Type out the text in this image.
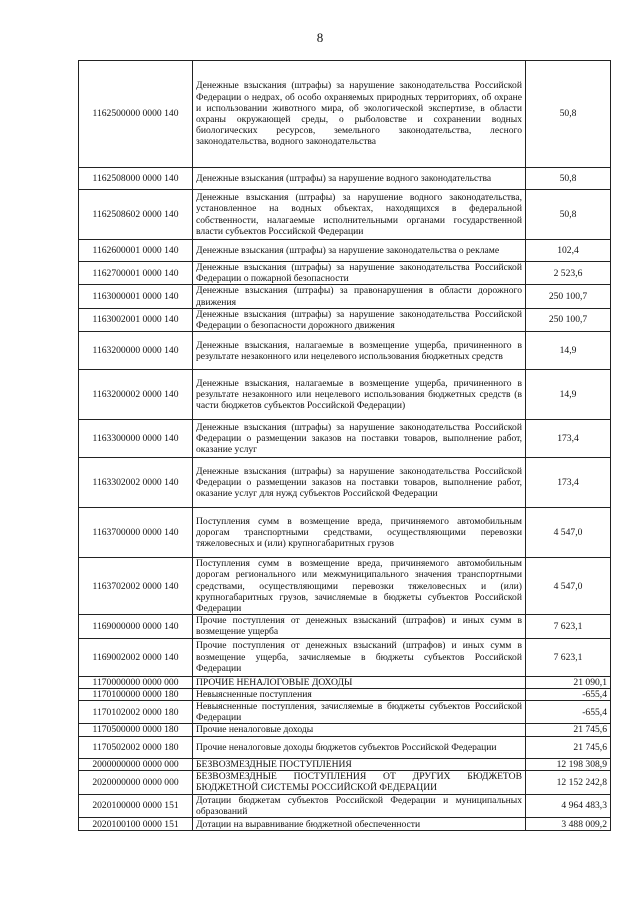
8
1162500000 0000 140	Денежные взыскания (штрафы) за нарушение законодательства Российской Федерации о недрах, об особо охраняемых природных территориях, об охране и использовании животного мира, об экологической экспертизе, в области охраны окружающей среды, о рыболовстве и сохранении водных биологических ресурсов, земельного законодательства, лесного законодательства, водного законодательства	50,8
1162508000 0000 140	Денежные взыскания (штрафы) за нарушение водного законодательства	50,8
1162508602 0000 140	Денежные взыскания (штрафы) за нарушение водного законодательства, установленное на водных объектах, находящихся в федеральной собственности, налагаемые исполнительными органами государственной власти субъектов Российской Федерации	50,8
1162600001 0000 140	Денежные взыскания (штрафы) за нарушение законодательства о рекламе	102,4
1162700001 0000 140	Денежные взыскания (штрафы) за нарушение законодательства Российской Федерации о пожарной безопасности	2 523,6
1163000001 0000 140	Денежные взыскания (штрафы) за правонарушения в области дорожного движения	250 100,7
1163002001 0000 140	Денежные взыскания (штрафы) за нарушение законодательства Российской Федерации о безопасности дорожного движения	250 100,7
1163200000 0000 140	Денежные взыскания, налагаемые в возмещение ущерба, причиненного в результате незаконного или нецелевого использования бюджетных средств	14,9
1163200002 0000 140	Денежные взыскания, налагаемые в возмещение ущерба, причиненного в результате незаконного или нецелевого использования бюджетных средств (в части бюджетов субъектов Российской Федерации)	14,9
1163300000 0000 140	Денежные взыскания (штрафы) за нарушение законодательства Российской Федерации о размещении заказов на поставки товаров, выполнение работ, оказание услуг	173,4
1163302002 0000 140	Денежные взыскания (штрафы) за нарушение законодательства Российской Федерации о размещении заказов на поставки товаров, выполнение работ, оказание услуг для нужд субъектов Российской Федерации	173,4
1163700000 0000 140	Поступления сумм в возмещение вреда, причиняемого автомобильным дорогам транспортными средствами, осуществляющими перевозки тяжеловесных и (или) крупногабаритных грузов	4 547,0
1163702002 0000 140	Поступления сумм в возмещение вреда, причиняемого автомобильным дорогам регионального или межмуниципального значения транспортными средствами, осуществляющими перевозки тяжеловесных и (или) крупногабаритных грузов, зачисляемые в бюджеты субъектов Российской Федерации	4 547,0
1169000000 0000 140	Прочие поступления от денежных взысканий (штрафов) и иных сумм в возмещение ущерба	7 623,1
1169002002 0000 140	Прочие поступления от денежных взысканий (штрафов) и иных сумм в возмещение ущерба, зачисляемые в бюджеты субъектов Российской Федерации	7 623,1
1170000000 0000 000	ПРОЧИЕ НЕНАЛОГОВЫЕ ДОХОДЫ	21 090,1
1170100000 0000 180	Невыясненные поступления	-655,4
1170102002 0000 180	Невыясненные поступления, зачисляемые в бюджеты субъектов Российской Федерации	-655,4
1170500000 0000 180	Прочие неналоговые доходы	21 745,6
1170502002 0000 180	Прочие неналоговые доходы бюджетов субъектов Российской Федерации	21 745,6
2000000000 0000 000	БЕЗВОЗМЕЗДНЫЕ ПОСТУПЛЕНИЯ	12 198 308,9
2020000000 0000 000	БЕЗВОЗМЕЗДНЫЕ ПОСТУПЛЕНИЯ ОТ ДРУГИХ БЮДЖЕТОВ БЮДЖЕТНОЙ СИСТЕМЫ РОССИЙСКОЙ ФЕДЕРАЦИИ	12 152 242,8
2020100000 0000 151	Дотации бюджетам субъектов Российской Федерации и муниципальных образований	4 964 483,3
2020100100 0000 151	Дотации на выравнивание бюджетной обеспеченности	3 488 009,2
